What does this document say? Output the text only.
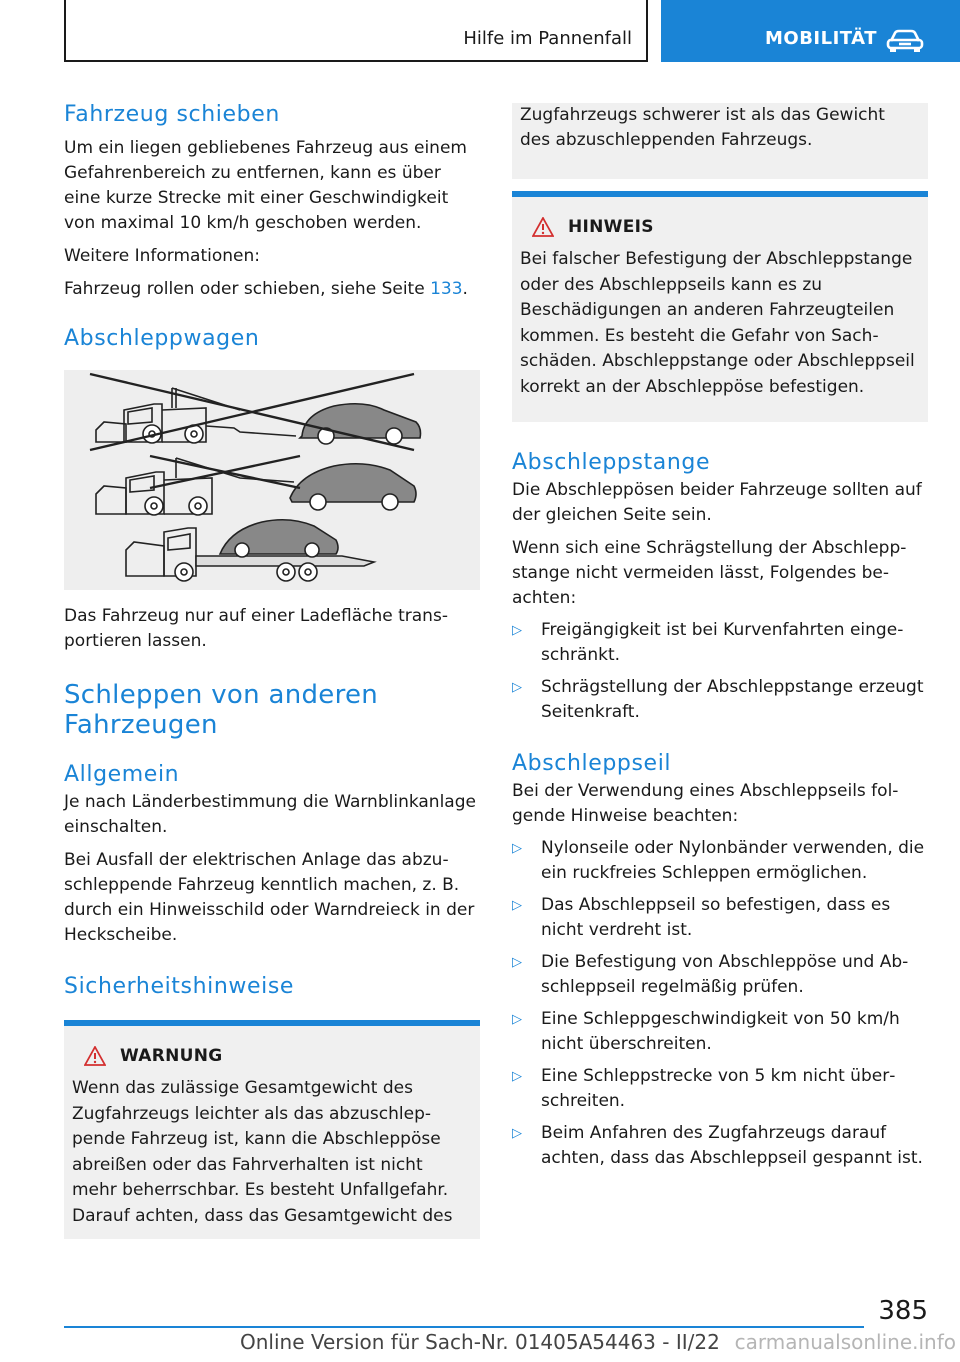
Hilfe im Pannenfall	MOBILITÄT
Fahrzeug schieben

Um ein liegen gebliebenes Fahrzeug aus einem Gefahrenbereich zu entfernen, kann es über eine kurze Strecke mit einer Geschwindigkeit von maximal 10 km/h geschoben werden.

Weitere Informationen:

Fahrzeug rollen oder schieben, siehe Seite 133.

Abschleppwagen

Das Fahrzeug nur auf einer Ladefläche transportieren lassen.

Schleppen von anderen
Fahrzeugen
Allgemein

Je nach Länderbestimmung die Warnblinkanlage einschalten.

Bei Ausfall der elektrischen Anlage das abzuschleppende Fahrzeug kenntlich machen, z. B. durch ein Hinweisschild oder Warndreieck in der Heckscheibe.

Sicherheitshinweise
WARNUNG

Wenn das zulässige Gesamtgewicht des Zugfahrzeugs leichter als das abzuschleppende Fahrzeug ist, kann die Abschleppöse abreißen oder das Fahrverhalten ist nicht mehr beherrschbar. Es besteht Unfallgefahr. Darauf achten, dass das Gesamtgewicht des

Zugfahrzeugs schwerer ist als das Gewicht des abzuschleppenden Fahrzeugs.

HINWEIS

Bei falscher Befestigung der Abschleppstange oder des Abschleppseils kann es zu Beschädigungen an anderen Fahrzeugteilen kommen. Es besteht die Gefahr von Sachschäden. Abschleppstange oder Abschleppseil korrekt an der Abschleppöse befestigen.

Abschleppstange

Die Abschleppösen beider Fahrzeuge sollten auf der gleichen Seite sein.

Wenn sich eine Schrägstellung der Abschleppstange nicht vermeiden lässt, Folgendes beachten:

▷ Freigängigkeit ist bei Kurvenfahrten eingeschränkt.
▷ Schrägstellung der Abschleppstange erzeugt Seitenkraft.
Abschleppseil

Bei der Verwendung eines Abschleppseils folgende Hinweise beachten:

▷ Nylonseile oder Nylonbänder verwenden, die ein ruckfreies Schleppen ermöglichen.
▷ Das Abschleppseil so befestigen, dass es nicht verdreht ist.
▷ Die Befestigung von Abschleppöse und Abschleppseil regelmäßig prüfen.
▷ Eine Schleppgeschwindigkeit von 50 km/h nicht überschreiten.
▷ Eine Schleppstrecke von 5 km nicht überschreiten.
▷ Beim Anfahren des Zugfahrzeugs darauf achten, dass das Abschleppseil gespannt ist.
385
Online Version für Sach-Nr. 01405A54463 - II/22 carmanualsonline.info
